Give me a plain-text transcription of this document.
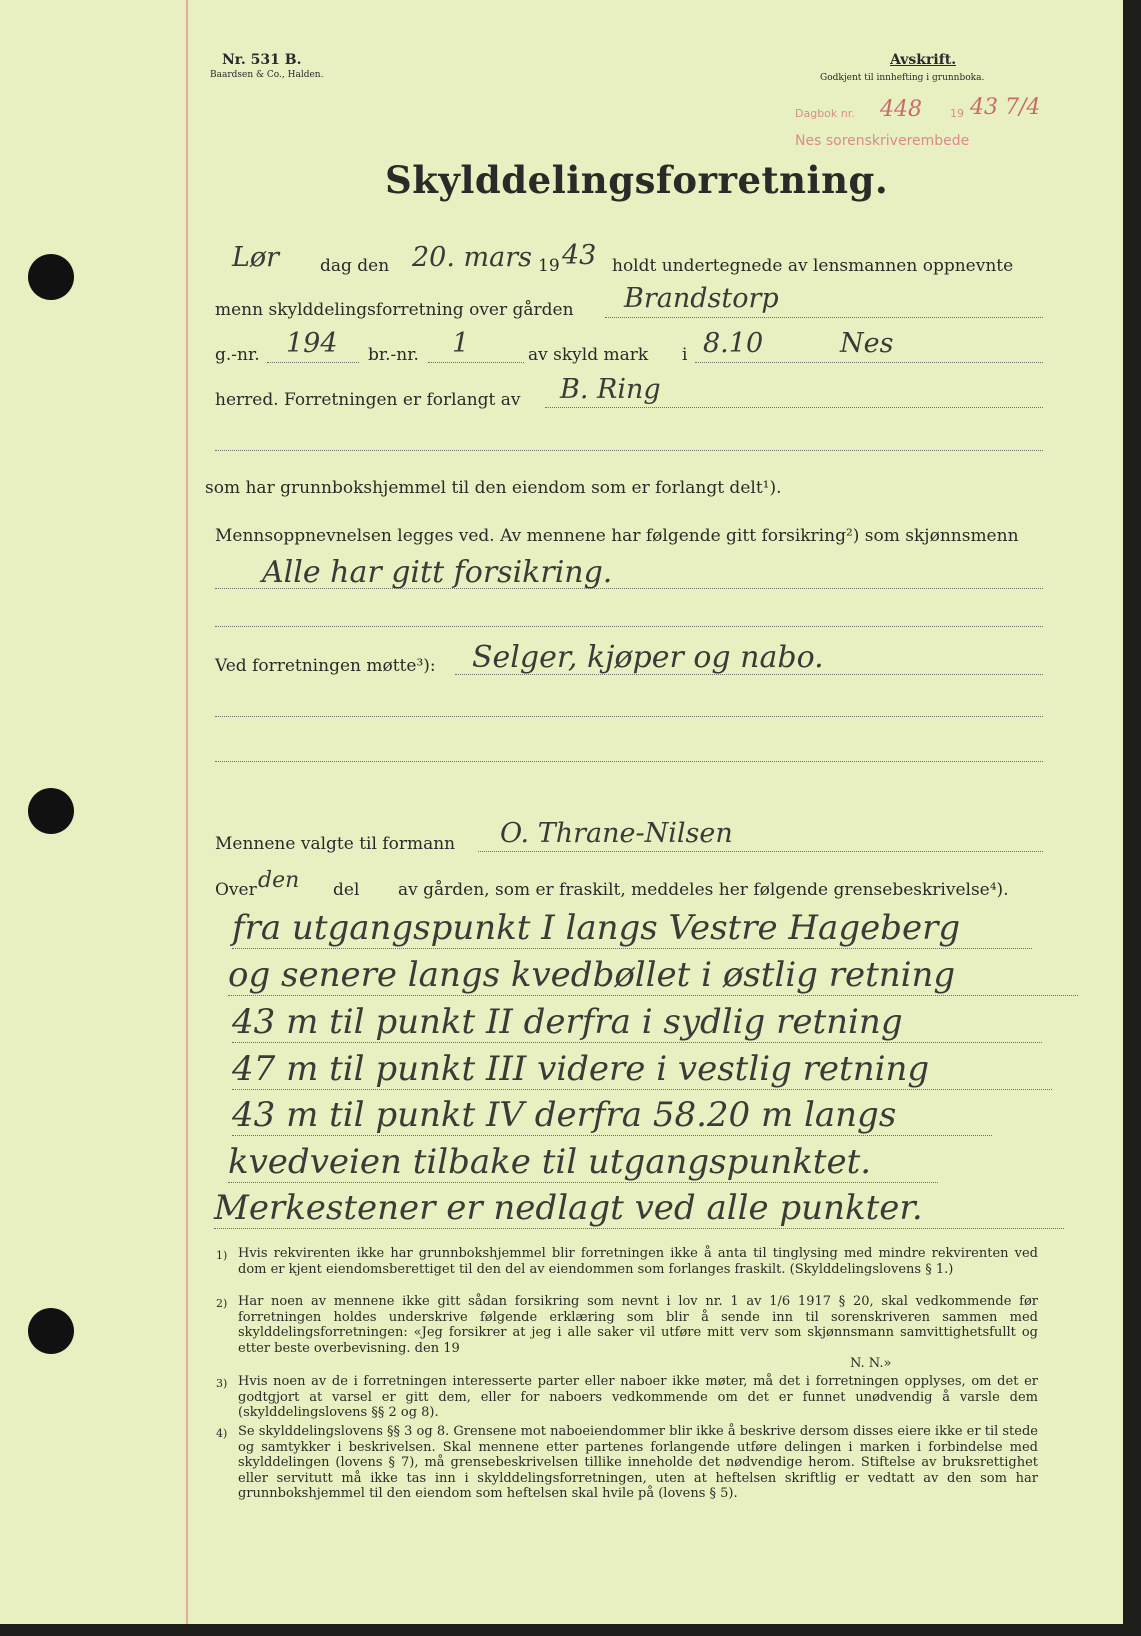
Nr. 531 B.
Baardsen & Co., Halden.
Avskrift.
Godkjent til innhefting i grunnboka.
Dagbok nr. 448	19 43 7/4
Nes sorenskriverembede
Skylddelingsforretning.
Lør dag den 20. mars 19 43 holdt undertegnede av lensmannen oppnevnte
menn skylddelingsforretning over gården Brandstorp
g.-nr. 194 br.-nr. 1	av skyld mark i 8.10	Nes
herred. Forretningen er forlangt av B. Ring
som har grunnbokshjemmel til den eiendom som er forlangt delt¹).
Mennsoppnevnelsen legges ved. Av mennene har følgende gitt forsikring²) som skjønnsmenn
Alle har gitt forsikring.
Ved forretningen møtte³): Selger, kjøper og nabo.
Mennene valgte til formann O. Thrane-Nilsen
Over den del av gården, som er fraskilt, meddeles her følgende grensebeskrivelse⁴).
fra utgangspunkt I langs Vestre Hageberg
og senere langs kvedbøllet i østlig retning
43 m til punkt II derfra i sydlig retning
47 m til punkt III videre i vestlig retning
43 m til punkt IV derfra 58.20 m langs
kvedveien tilbake til utgangspunktet.
Merkestener er nedlagt ved alle punkter.
1) Hvis rekvirenten ikke har grunnbokshjemmel blir forretningen ikke å anta til tinglysing med mindre rekvirenten ved dom er kjent eiendomsberettiget til den del av eiendommen som forlanges fraskilt. (Skylddelingslovens § 1.)
2) Har noen av mennene ikke gitt sådan forsikring som nevnt i lov nr. 1 av 1/6 1917 § 20, skal vedkommende før forretningen holdes underskrive følgende erklæring som blir å sende inn til sorenskriveren sammen med skylddelingsforretningen: «Jeg forsikrer at jeg i alle saker vil utføre mitt verv som skjønnsmann samvittighetsfullt og etter beste overbevisning. den 19
N. N.»
3) Hvis noen av de i forretningen interesserte parter eller naboer ikke møter, må det i forretningen opplyses, om det er godtgjort at varsel er gitt dem, eller for naboers vedkommende om det er funnet unødvendig å varsle dem (skylddelingslovens §§ 2 og 8).
4) Se skylddelingslovens §§ 3 og 8. Grensene mot naboeiendommer blir ikke å beskrive dersom disses eiere ikke er til stede og samtykker i beskrivelsen. Skal mennene etter partenes forlangende utføre delingen i marken i forbindelse med skylddelingen (lovens § 7), må grensebeskrivelsen tillike inneholde det nødvendige herom. Stiftelse av bruksrettighet eller servitutt må ikke tas inn i skylddelingsforretningen, uten at heftelsen skriftlig er vedtatt av den som har grunnbokshjemmel til den eiendom som heftelsen skal hvile på (lovens § 5).
